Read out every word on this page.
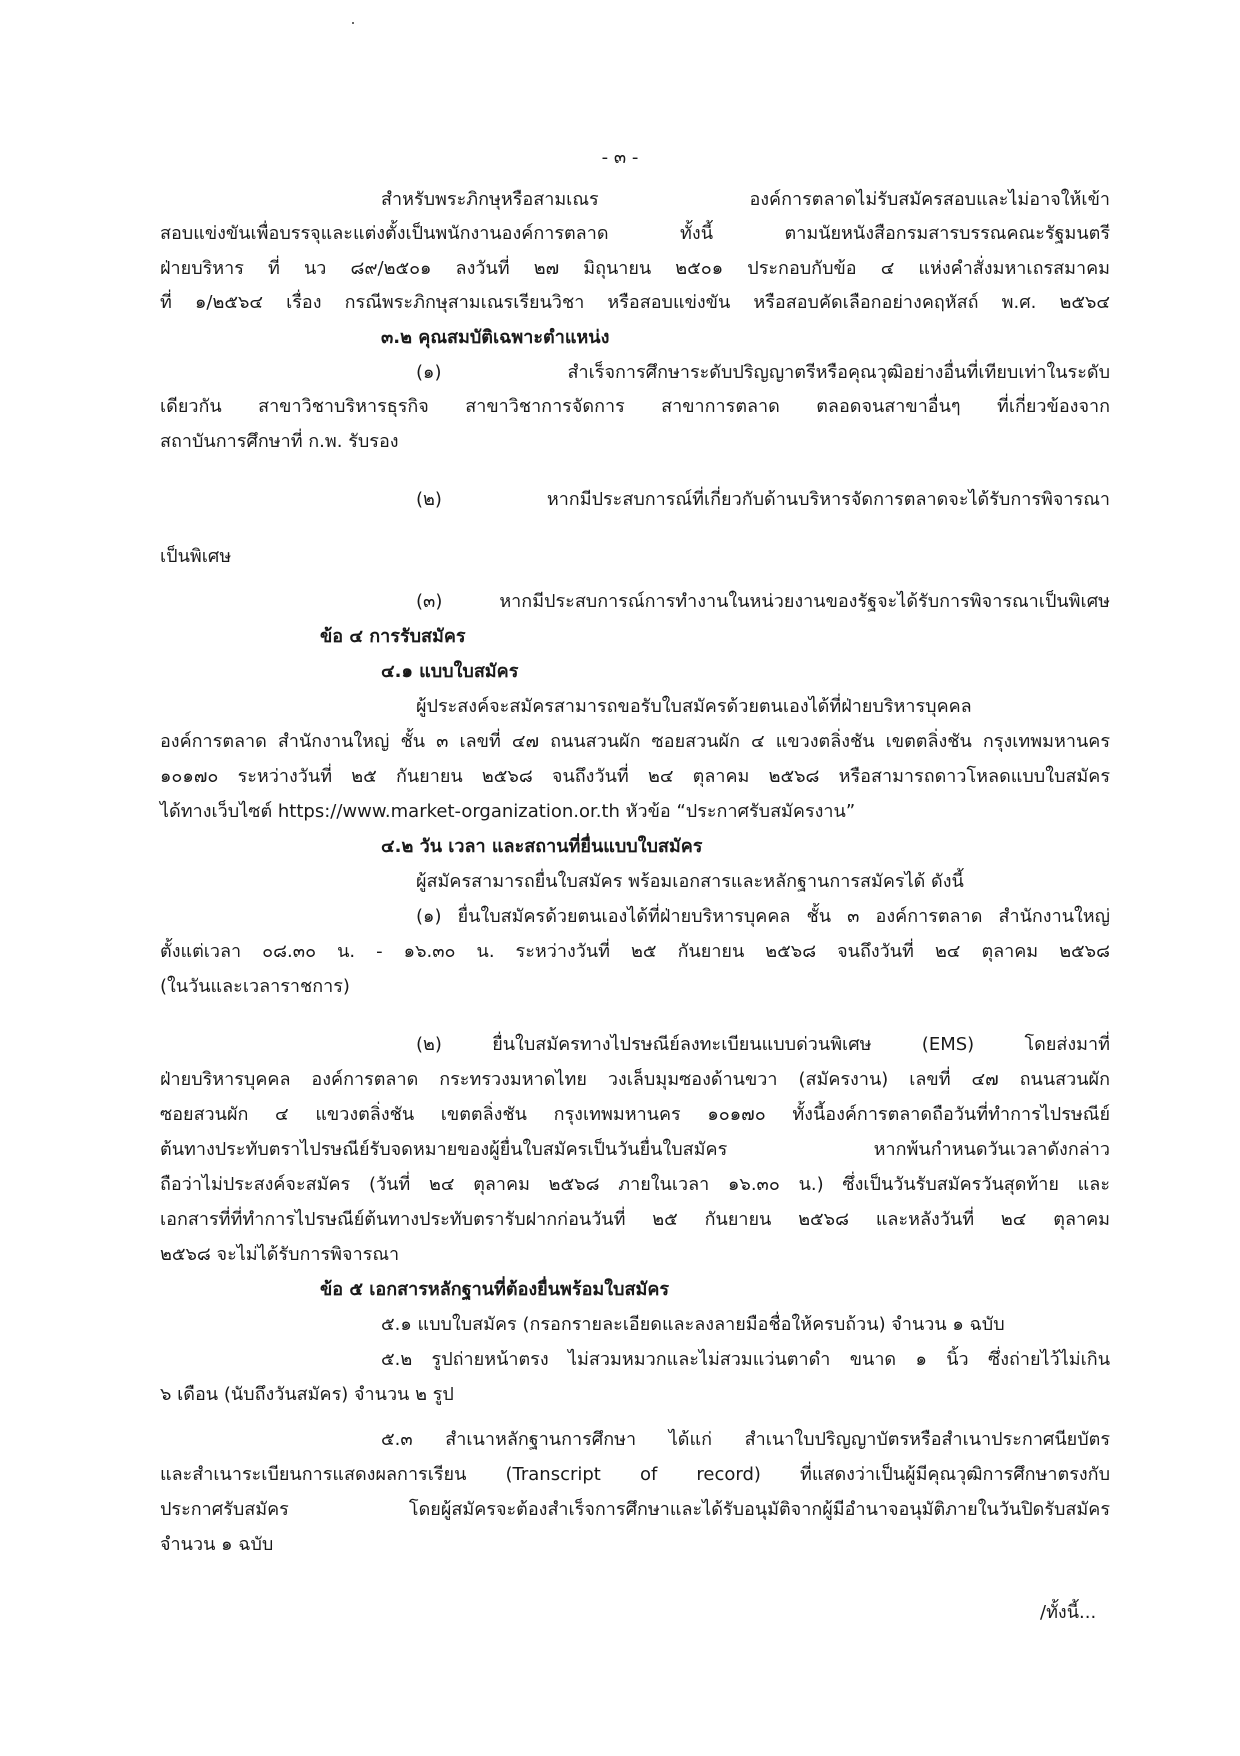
- ๓ -
สำหรับพระภิกษุหรือสามเณร องค์การตลาดไม่รับสมัครสอบและไม่อาจให้เข้า
สอบแข่งขันเพื่อบรรจุและแต่งตั้งเป็นพนักงานองค์การตลาด ทั้งนี้ ตามนัยหนังสือกรมสารบรรณคณะรัฐมนตรี
ฝ่ายบริหาร ที่ นว ๘๙/๒๕๐๑ ลงวันที่ ๒๗ มิถุนายน ๒๕๐๑ ประกอบกับข้อ ๔ แห่งคำสั่งมหาเถรสมาคม
ที่ ๑/๒๕๖๔ เรื่อง กรณีพระภิกษุสามเณรเรียนวิชา หรือสอบแข่งขัน หรือสอบคัดเลือกอย่างคฤหัสถ์ พ.ศ. ๒๕๖๔
๓.๒ คุณสมบัติเฉพาะตำแหน่ง
(๑) สำเร็จการศึกษาระดับปริญญาตรีหรือคุณวุฒิอย่างอื่นที่เทียบเท่าในระดับ
เดียวกัน สาขาวิชาบริหารธุรกิจ สาขาวิชาการจัดการ สาขาการตลาด ตลอดจนสาขาอื่นๆ ที่เกี่ยวข้องจาก
สถาบันการศึกษาที่ ก.พ. รับรอง
(๒) หากมีประสบการณ์ที่เกี่ยวกับด้านบริหารจัดการตลาดจะได้รับการพิจารณา
เป็นพิเศษ
(๓) หากมีประสบการณ์การทำงานในหน่วยงานของรัฐจะได้รับการพิจารณาเป็นพิเศษ
ข้อ ๔ การรับสมัคร
๔.๑ แบบใบสมัคร
ผู้ประสงค์จะสมัครสามารถขอรับใบสมัครด้วยตนเองได้ที่ฝ่ายบริหารบุคคล
องค์การตลาด สำนักงานใหญ่ ชั้น ๓ เลขที่ ๔๗ ถนนสวนผัก ซอยสวนผัก ๔ แขวงตลิ่งชัน เขตตลิ่งชัน กรุงเทพมหานคร
๑๐๑๗๐ ระหว่างวันที่ ๒๕ กันยายน ๒๕๖๘ จนถึงวันที่ ๒๔ ตุลาคม ๒๕๖๘ หรือสามารถดาวโหลดแบบใบสมัคร
ได้ทางเว็บไซต์ https://www.market-organization.or.th หัวข้อ “ประกาศรับสมัครงาน”
๔.๒ วัน เวลา และสถานที่ยื่นแบบใบสมัคร
ผู้สมัครสามารถยื่นใบสมัคร พร้อมเอกสารและหลักฐานการสมัครได้ ดังนี้
(๑) ยื่นใบสมัครด้วยตนเองได้ที่ฝ่ายบริหารบุคคล ชั้น ๓ องค์การตลาด สำนักงานใหญ่
ตั้งแต่เวลา ๐๘.๓๐ น. - ๑๖.๓๐ น. ระหว่างวันที่ ๒๕ กันยายน ๒๕๖๘ จนถึงวันที่ ๒๔ ตุลาคม ๒๕๖๘
(ในวันและเวลาราชการ)
(๒) ยื่นใบสมัครทางไปรษณีย์ลงทะเบียนแบบด่วนพิเศษ (EMS) โดยส่งมาที่
ฝ่ายบริหารบุคคล องค์การตลาด กระทรวงมหาดไทย วงเล็บมุมซองด้านขวา (สมัครงาน) เลขที่ ๔๗ ถนนสวนผัก
ซอยสวนผัก ๔ แขวงตลิ่งชัน เขตตลิ่งชัน กรุงเทพมหานคร ๑๐๑๗๐ ทั้งนี้องค์การตลาดถือวันที่ทำการไปรษณีย์
ต้นทางประทับตราไปรษณีย์รับจดหมายของผู้ยื่นใบสมัครเป็นวันยื่นใบสมัคร หากพ้นกำหนดวันเวลาดังกล่าว
ถือว่าไม่ประสงค์จะสมัคร (วันที่ ๒๔ ตุลาคม ๒๕๖๘ ภายในเวลา ๑๖.๓๐ น.) ซึ่งเป็นวันรับสมัครวันสุดท้าย และ
เอกสารที่ที่ทำการไปรษณีย์ต้นทางประทับตรารับฝากก่อนวันที่ ๒๕ กันยายน ๒๕๖๘ และหลังวันที่ ๒๔ ตุลาคม
๒๕๖๘ จะไม่ได้รับการพิจารณา
ข้อ ๕ เอกสารหลักฐานที่ต้องยื่นพร้อมใบสมัคร
๕.๑ แบบใบสมัคร (กรอกรายละเอียดและลงลายมือชื่อให้ครบถ้วน) จำนวน ๑ ฉบับ
๕.๒ รูปถ่ายหน้าตรง ไม่สวมหมวกและไม่สวมแว่นตาดำ ขนาด ๑ นิ้ว ซึ่งถ่ายไว้ไม่เกิน
๖ เดือน (นับถึงวันสมัคร) จำนวน ๒ รูป
๕.๓ สำเนาหลักฐานการศึกษา ได้แก่ สำเนาใบปริญญาบัตรหรือสำเนาประกาศนียบัตร
และสำเนาระเบียนการแสดงผลการเรียน (Transcript of record) ที่แสดงว่าเป็นผู้มีคุณวุฒิการศึกษาตรงกับ
ประกาศรับสมัคร โดยผู้สมัครจะต้องสำเร็จการศึกษาและได้รับอนุมัติจากผู้มีอำนาจอนุมัติภายในวันปิดรับสมัคร
จำนวน ๑ ฉบับ
/ทั้งนี้...
